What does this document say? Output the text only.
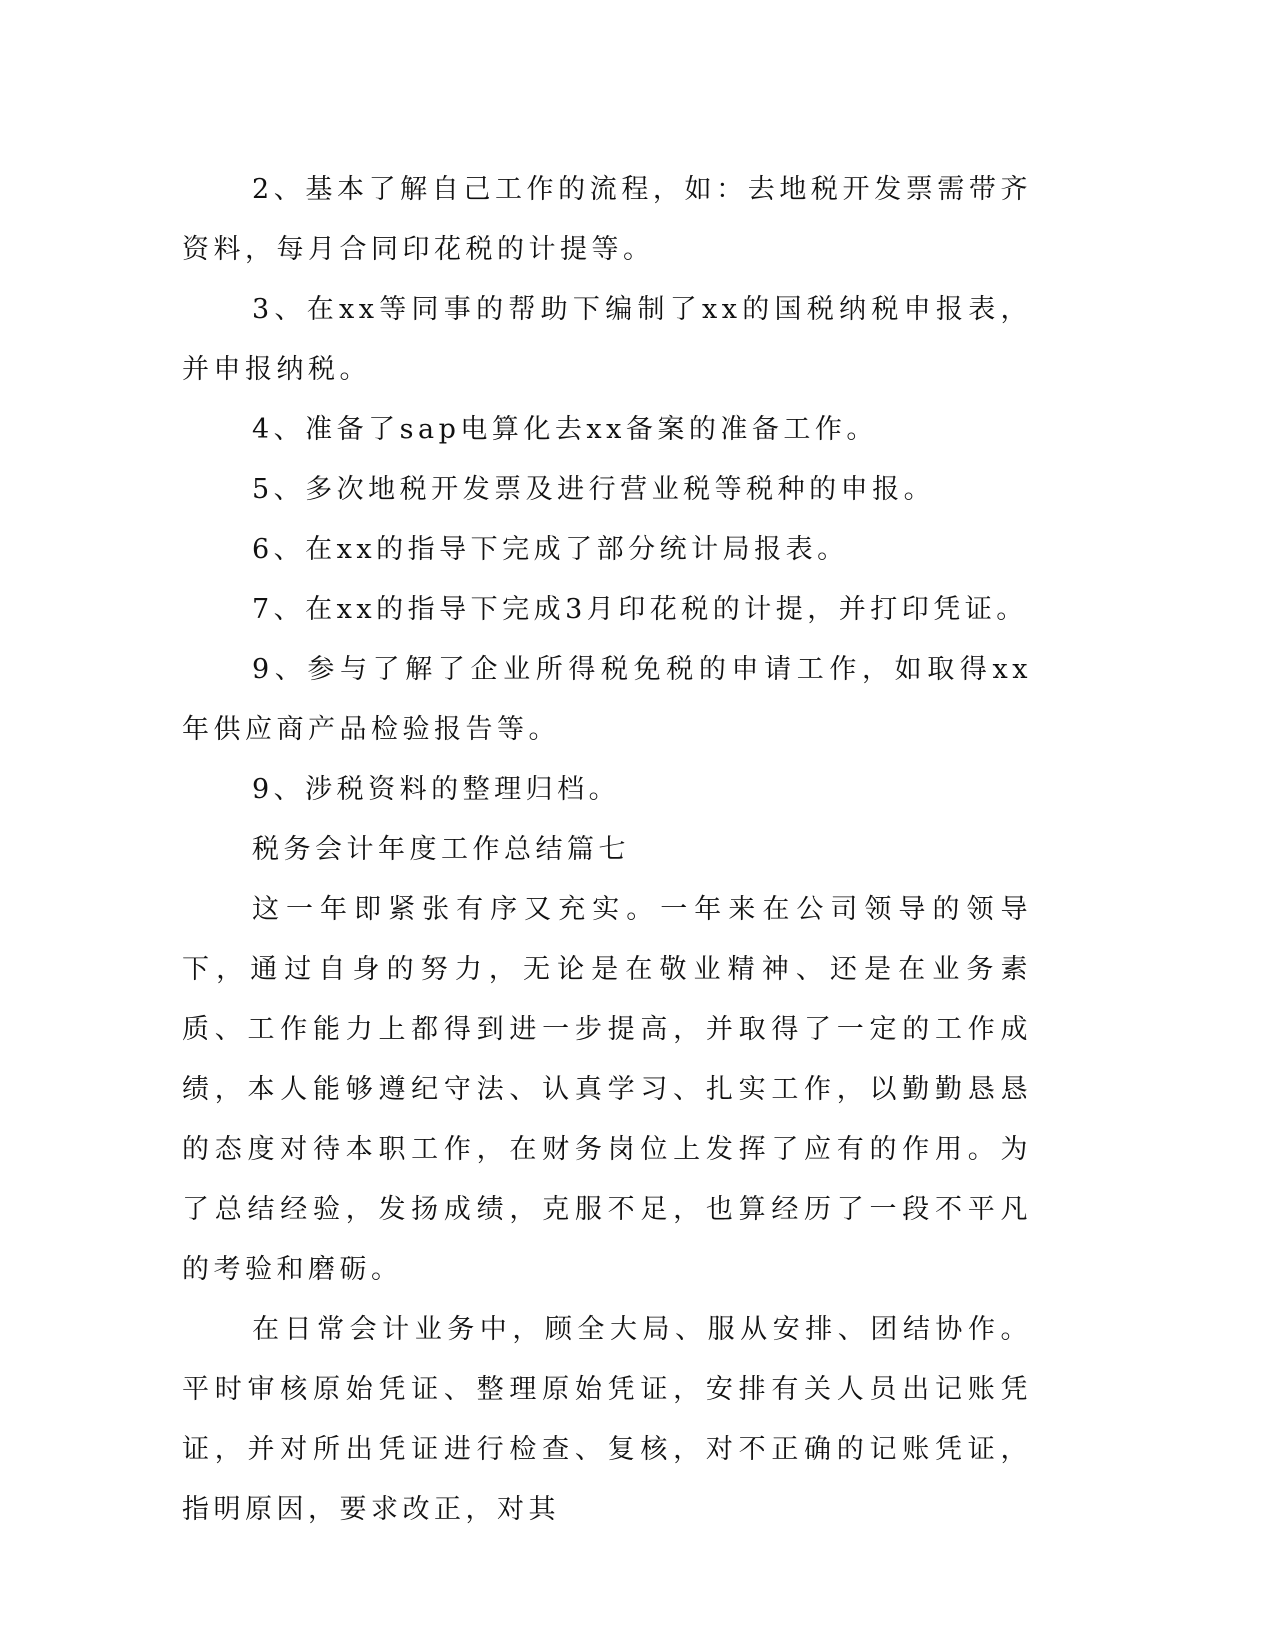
2、基本了解自己工作的流程，如：去地税开发票需带齐资料，每月合同印花税的计提等。

3、在xx等同事的帮助下编制了xx的国税纳税申报表，并申报纳税。

4、准备了sap电算化去xx备案的准备工作。

5、多次地税开发票及进行营业税等税种的申报。

6、在xx的指导下完成了部分统计局报表。

7、在xx的指导下完成3月印花税的计提，并打印凭证。

9、参与了解了企业所得税免税的申请工作，如取得xx年供应商产品检验报告等。

9、涉税资料的整理归档。

税务会计年度工作总结篇七

这一年即紧张有序又充实。一年来在公司领导的领导下，通过自身的努力，无论是在敬业精神、还是在业务素质、工作能力上都得到进一步提高，并取得了一定的工作成绩，本人能够遵纪守法、认真学习、扎实工作，以勤勤恳恳的态度对待本职工作，在财务岗位上发挥了应有的作用。为了总结经验，发扬成绩，克服不足，也算经历了一段不平凡的考验和磨砺。

在日常会计业务中，顾全大局、服从安排、团结协作。平时审核原始凭证、整理原始凭证，安排有关人员出记账凭证，并对所出凭证进行检查、复核，对不正确的记账凭证，指明原因，要求改正，对其
